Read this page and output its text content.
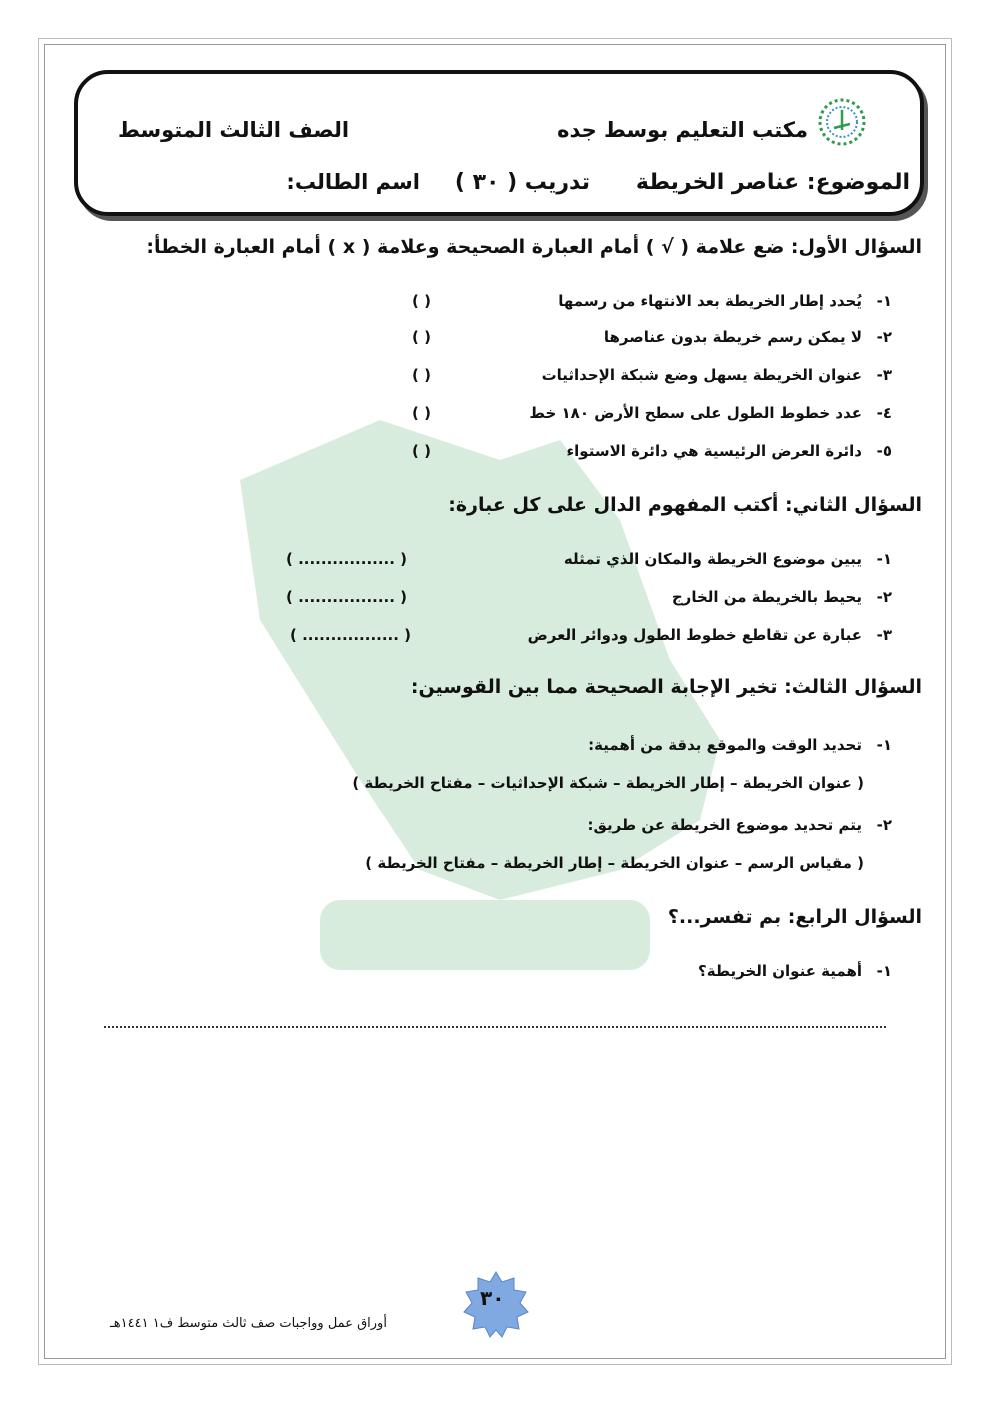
مكتب التعليم بوسط جده
الصف الثالث المتوسط
الموضوع: عناصر الخريطة
تدريب ( ٣٠ )
اسم الطالب:
السؤال الأول: ضع علامة ( √ ) أمام العبارة الصحيحة وعلامة ( x ) أمام العبارة الخطأ:
السؤال الثاني: أكتب المفهوم الدال على كل عبارة:
السؤال الثالث: تخير الإجابة الصحيحة مما بين القوسين:
السؤال الرابع: بم تفسر...؟
١-
يُحدد إطار الخريطة بعد الانتهاء من رسمها
( )
٢-
لا يمكن رسم خريطة بدون عناصرها
( )
٣-
عنوان الخريطة يسهل وضع شبكة الإحداثيات
( )
٤-
عدد خطوط الطول على سطح الأرض ١٨٠ خط
( )
٥-
دائرة العرض الرئيسية هي دائرة الاستواء
( )
١-
يبين موضوع الخريطة والمكان الذي تمثله
( ................. )
٢-
يحيط بالخريطة من الخارج
( ................. )
٣-
عبارة عن تقاطع خطوط الطول ودوائر العرض
( ................. )
١-
تحديد الوقت والموقع بدقة من أهمية:
( عنوان الخريطة – إطار الخريطة – شبكة الإحداثيات – مفتاح الخريطة )
٢-
يتم تحديد موضوع الخريطة عن طريق:
( مقياس الرسم – عنوان الخريطة – إطار الخريطة – مفتاح الخريطة )
١-
أهمية عنوان الخريطة؟
٣٠
أوراق عمل وواجبات صف ثالث متوسط ف١ ١٤٤١هـ
